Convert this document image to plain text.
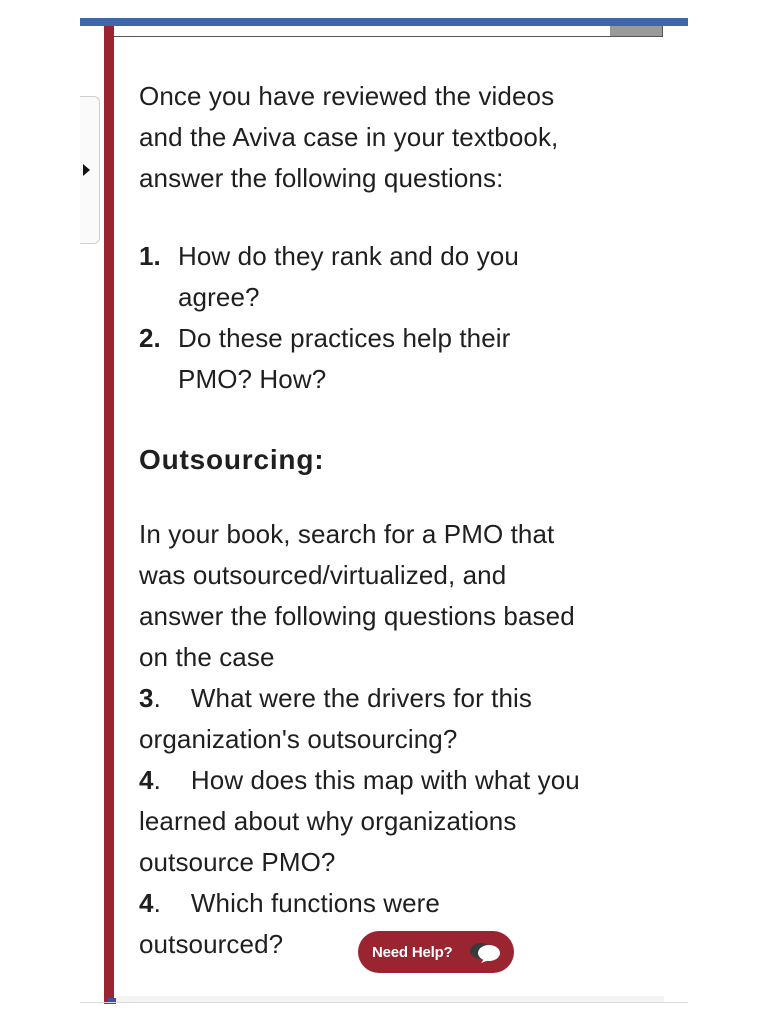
Once you have reviewed the videos
and the Aviva case in your textbook,
answer the following questions:
1. How do they rank and do you
agree?
2. Do these practices help their
PMO? How?
Outsourcing:
In your book, search for a PMO that
was outsourced/virtualized, and
answer the following questions based
on the case
3. What were the drivers for this
organization's outsourcing?
4. How does this map with what you
learned about why organizations
outsource PMO?
4. Which functions were
outsourced?	Need Help?
